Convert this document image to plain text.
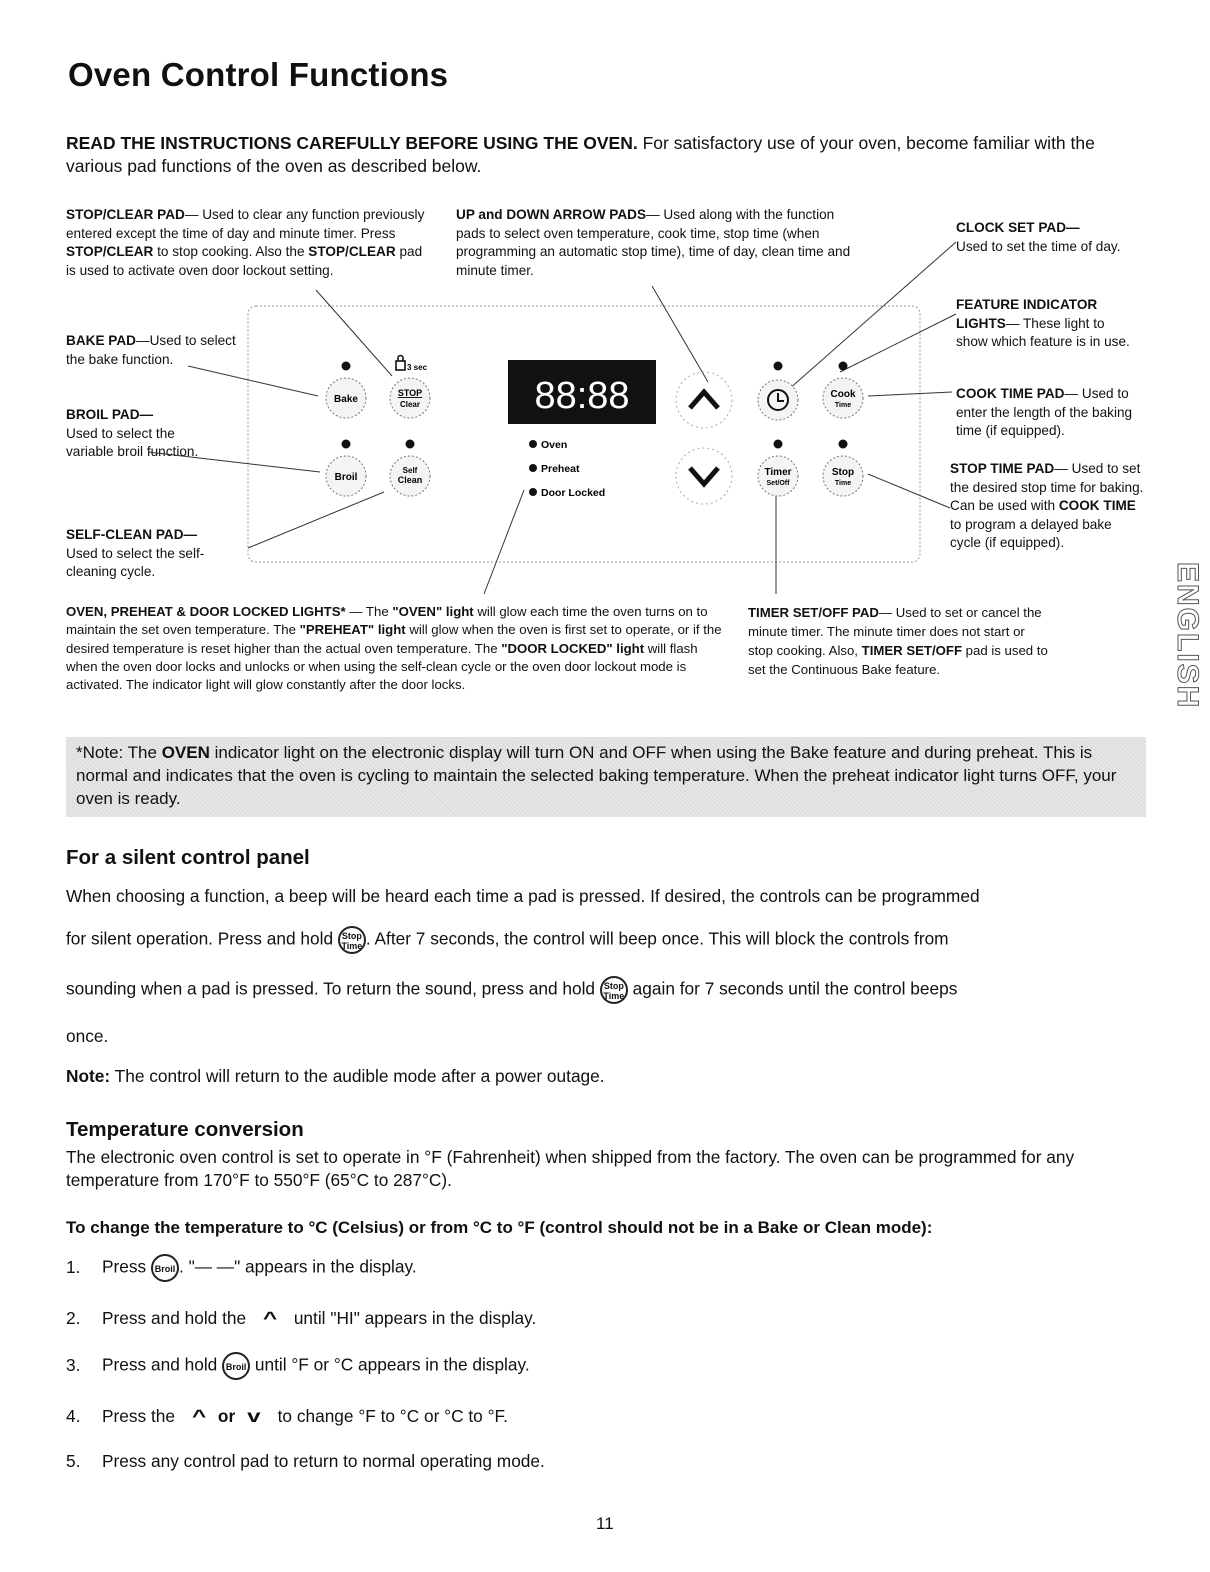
Oven Control Functions
READ THE INSTRUCTIONS CAREFULLY BEFORE USING THE OVEN. For satisfactory use of your oven, become familiar with the various pad functions of the oven as described below.
STOP/CLEAR PAD— Used to clear any function previously entered except the time of day and minute timer. Press STOP/CLEAR to stop cooking. Also the STOP/CLEAR pad is used to activate oven door lockout setting.
UP and DOWN ARROW PADS— Used along with the function pads to select oven temperature, cook time, stop time (when programming an automatic stop time), time of day, clean time and minute timer.
CLOCK SET PAD—
Used to set the time of day.
FEATURE INDICATOR LIGHTS— These light to show which feature is in use.
COOK TIME PAD— Used to enter the length of the baking time (if equipped).
STOP TIME PAD— Used to set the desired stop time for baking. Can be used with COOK TIME to program a delayed bake cycle (if equipped).
BAKE PAD—Used to select the bake function.
BROIL PAD—
Used to select the variable broil function.
SELF-CLEAN PAD—
Used to select the self-cleaning cycle.
OVEN, PREHEAT & DOOR LOCKED LIGHTS* — The "OVEN" light will glow each time the oven turns on to maintain the set oven temperature. The "PREHEAT" light will glow when the oven is first set to operate, or if the desired temperature is reset higher than the actual oven temperature. The "DOOR LOCKED" light will flash when the oven door locks and unlocks or when using the self-clean cycle or the oven door lockout mode is activated. The indicator light will glow constantly after the door locks.
TIMER SET/OFF PAD— Used to set or cancel the minute timer. The minute timer does not start or stop cooking. Also, TIMER SET/OFF pad is used to set the Continuous Bake feature.
3 sec
Bake
STOP
Clear
Broil
Self
Clean
88:88
Oven
Preheat
Door Locked
Cook
Time
Timer
Set/Off
Stop
Time
ENGLISH
*Note: The OVEN indicator light on the electronic display will turn ON and OFF when using the Bake feature and during preheat. This is normal and indicates that the oven is cycling to maintain the selected baking temperature. When the preheat indicator light turns OFF, your oven is ready.
For a silent control panel
When choosing a function, a beep will be heard each time a pad is pressed. If desired, the controls can be programmed
for silent operation. Press and hold Stop
Time . After 7 seconds, the control will beep once. This will block the controls from
sounding when a pad is pressed. To return the sound, press and hold Stop
Time again for 7 seconds until the control beeps
once.
Note: The control will return to the audible mode after a power outage.
Temperature conversion
The electronic oven control is set to operate in °F (Fahrenheit) when shipped from the factory. The oven can be programmed for any temperature from 170°F to 550°F (65°C to 287°C).
To change the temperature to °C (Celsius) or from °C to °F (control should not be in a Bake or Clean mode):
1. Press Broil . "— —" appears in the display.
2. Press and hold the ^ until "HI" appears in the display.
3. Press and hold Broil until °F or °C appears in the display.
4. Press the ^ or v to change °F to °C or °C to °F.
5. Press any control pad to return to normal operating mode.
11
